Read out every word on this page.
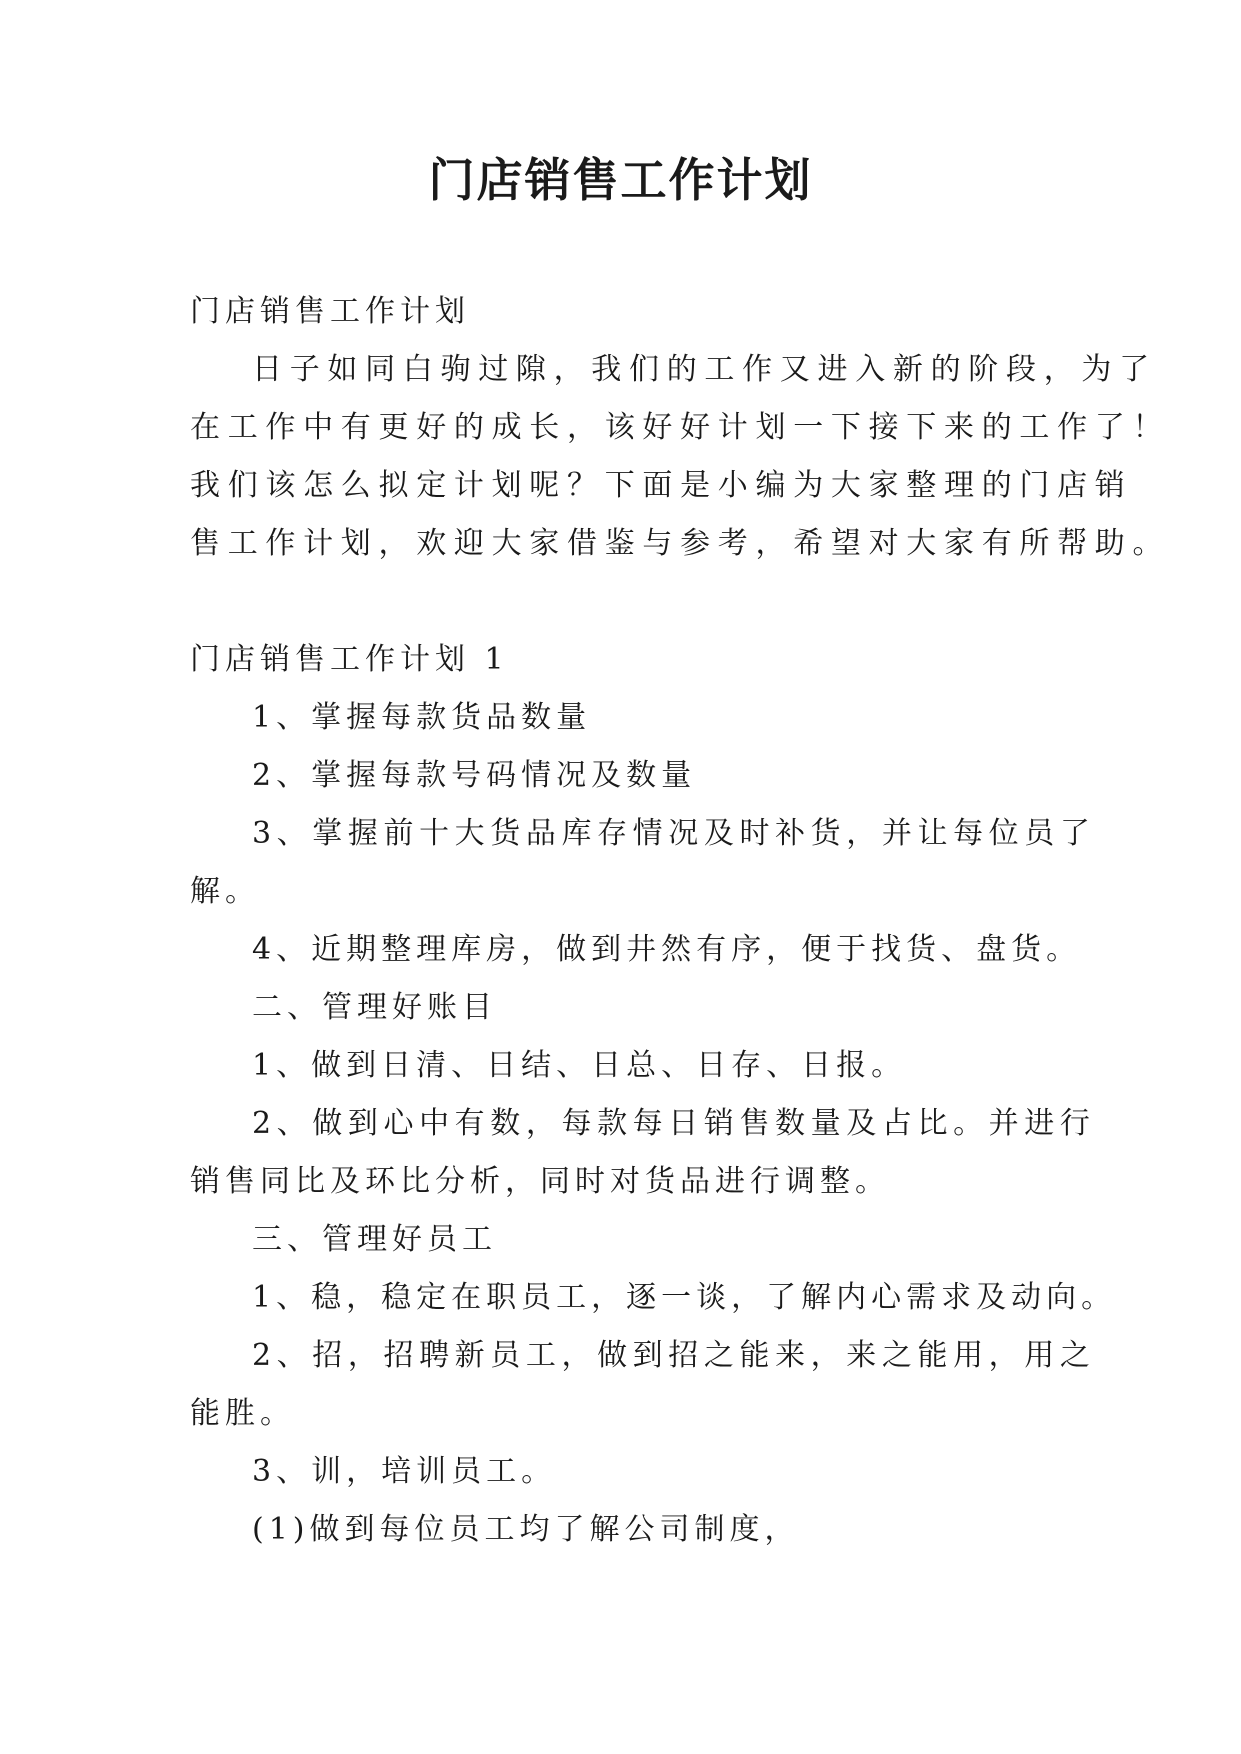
门店销售工作计划
门店销售工作计划
日子如同白驹过隙，我们的工作又进入新的阶段，为了
在工作中有更好的成长，该好好计划一下接下来的工作了！
我们该怎么拟定计划呢？下面是小编为大家整理的门店销
售工作计划，欢迎大家借鉴与参考，希望对大家有所帮助。
门店销售工作计划 1
1、掌握每款货品数量
2、掌握每款号码情况及数量
3、掌握前十大货品库存情况及时补货，并让每位员了
解。
4、近期整理库房，做到井然有序，便于找货、盘货。
二、管理好账目
1、做到日清、日结、日总、日存、日报。
2、做到心中有数，每款每日销售数量及占比。并进行
销售同比及环比分析，同时对货品进行调整。
三、管理好员工
1、稳，稳定在职员工，逐一谈，了解内心需求及动向。
2、招，招聘新员工，做到招之能来，来之能用，用之
能胜。
3、训，培训员工。
(1)做到每位员工均了解公司制度，
